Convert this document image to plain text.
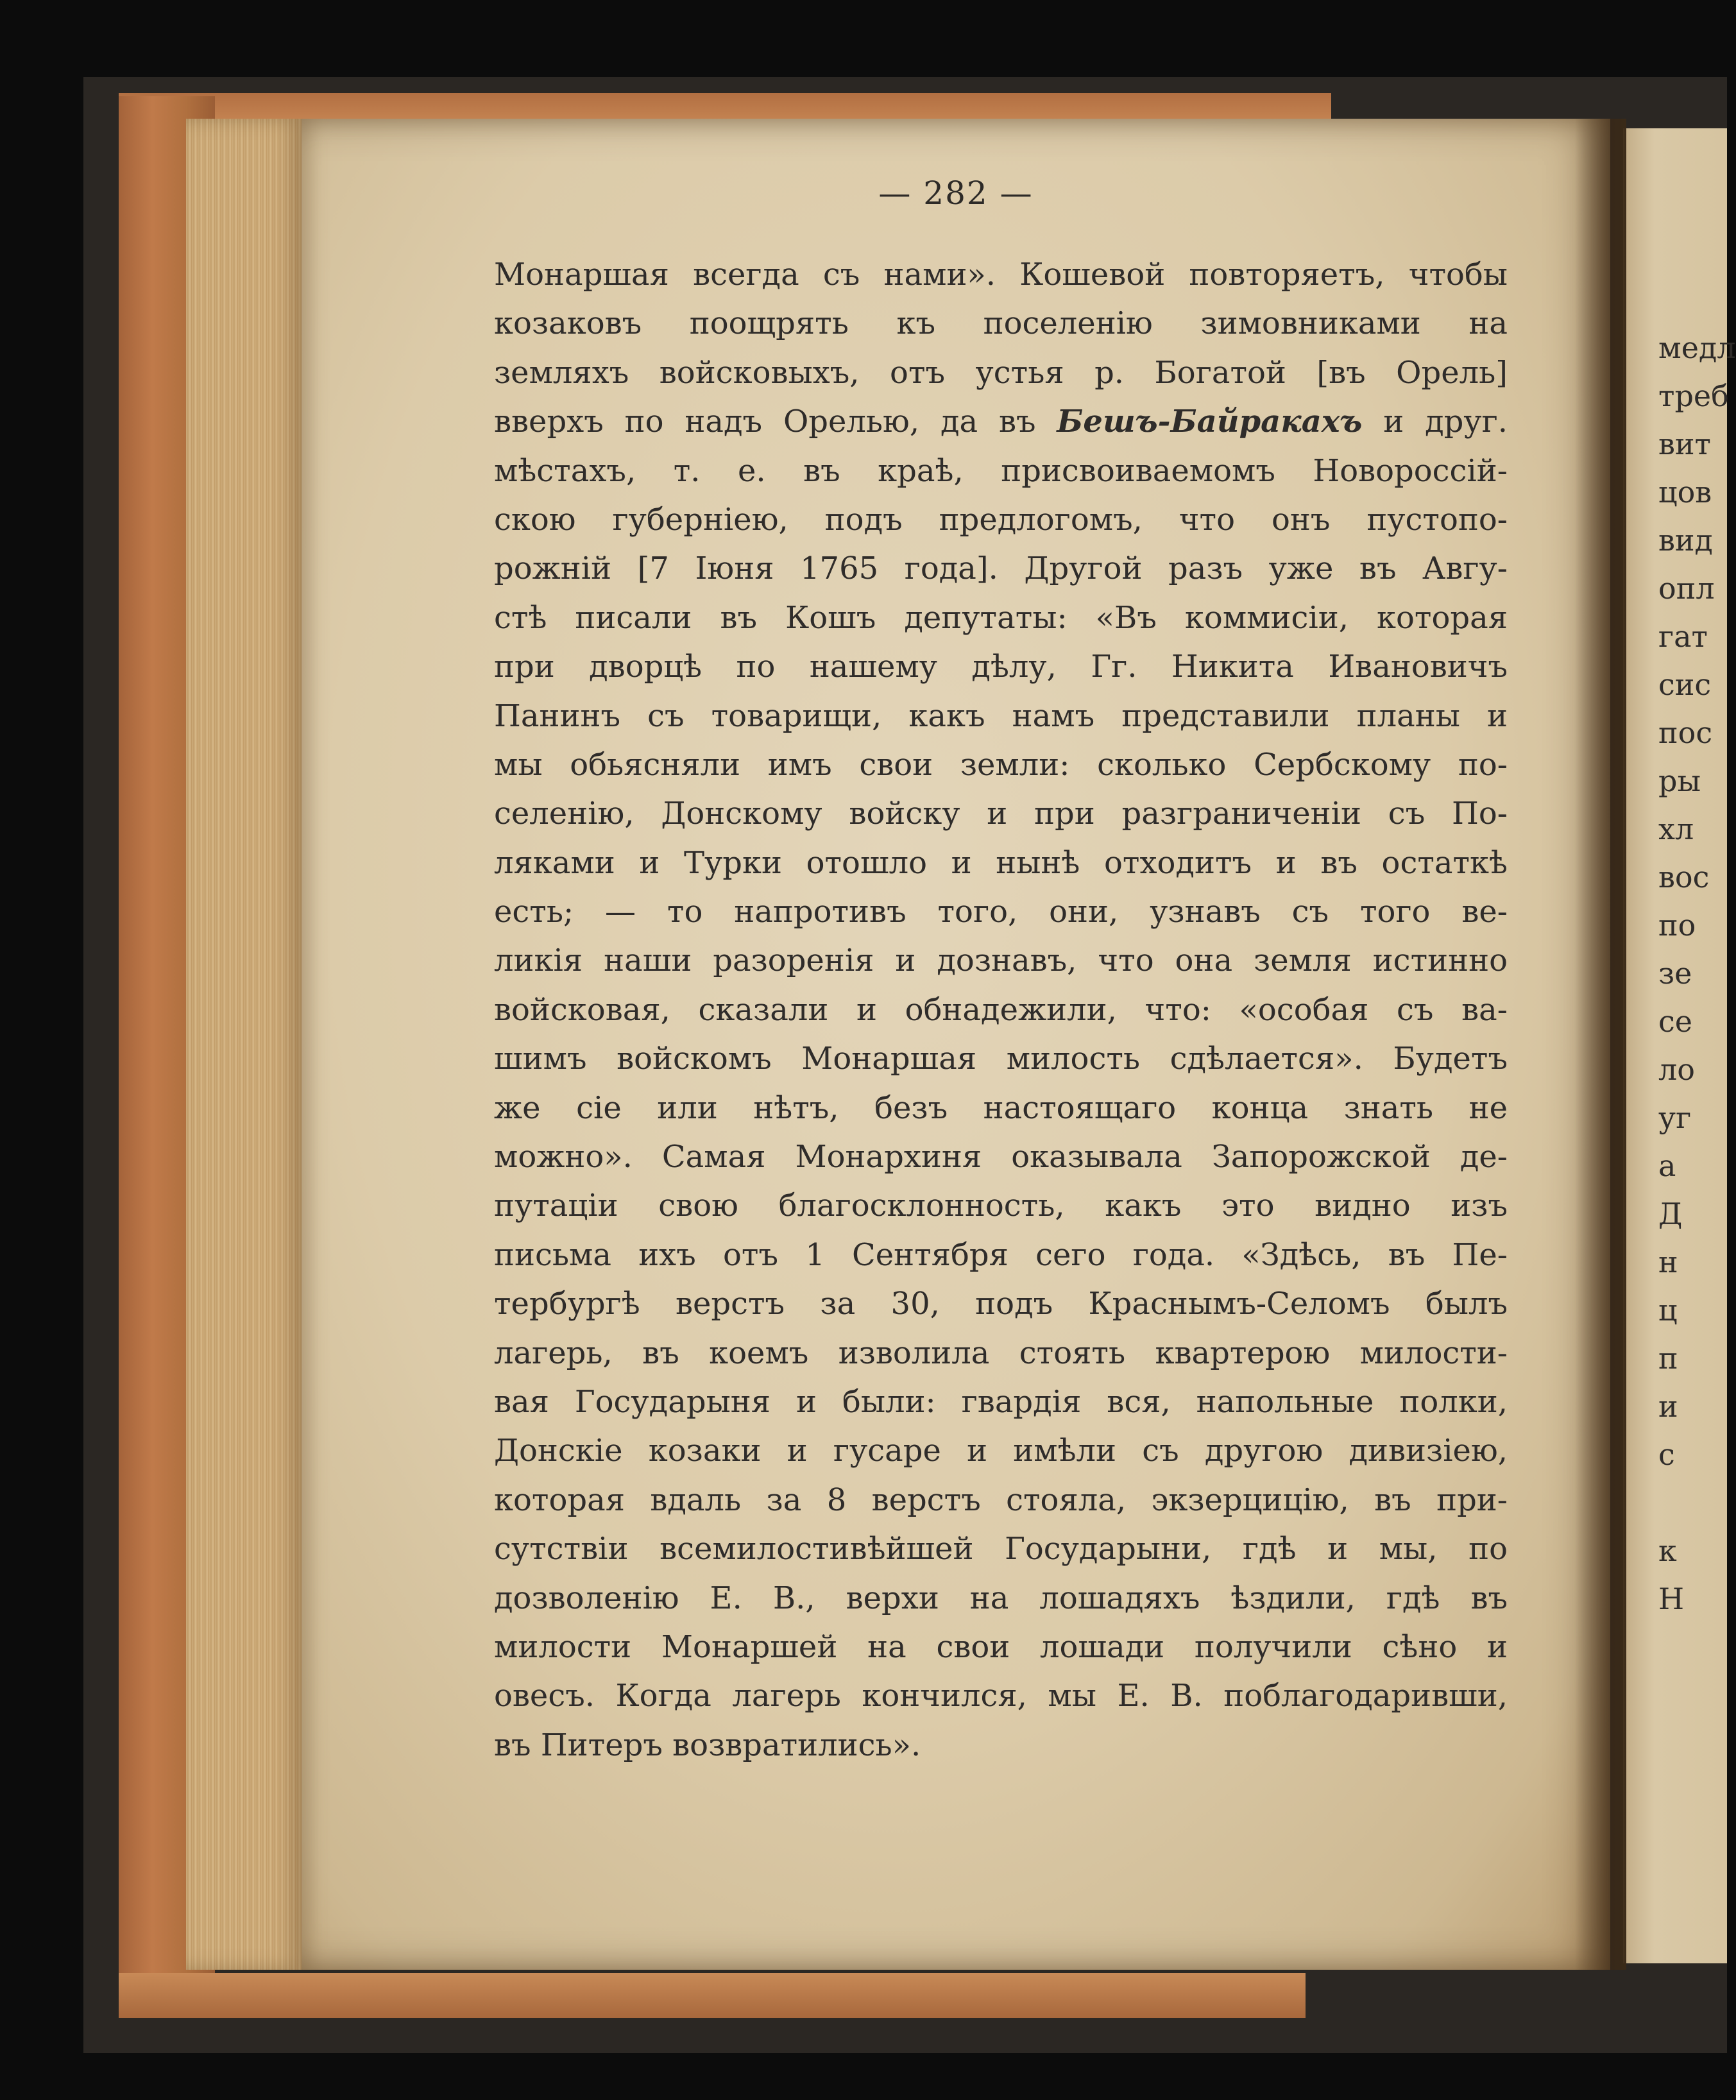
— 282 —
Монаршая всегда съ нами». Кошевой повторяетъ, чтобы
козаковъ поощрять къ поселенію зимовниками на
земляхъ войсковыхъ, отъ устья р. Богатой [въ Орель]
вверхъ по надъ Орелью, да въ Бешъ-Байракахъ и друг.
мѣстахъ, т. е. въ краѣ, присвоиваемомъ Новороссій-
скою губерніею, подъ предлогомъ, что онъ пустопо-
рожній [7 Іюня 1765 года]. Другой разъ уже въ Авгу-
стѣ писали въ Кошъ депутаты: «Въ коммисіи, которая
при дворцѣ по нашему дѣлу, Гг. Никита Ивановичъ
Панинъ съ товарищи, какъ намъ представили планы и
мы обьясняли имъ свои земли: сколько Сербскому по-
селенію, Донскому войску и при разграниченіи съ По-
ляками и Турки отошло и нынѣ отходитъ и въ остаткѣ
есть; — то напротивъ того, они, узнавъ съ того ве-
ликія наши разоренія и дознавъ, что она земля истинно
войсковая, сказали и обнадежили, что: «особая съ ва-
шимъ войскомъ Монаршая милость сдѣлается». Будетъ
же сіе или нѣтъ, безъ настоящаго конца знать не
можно». Самая Монархиня оказывала Запорожской де-
путаціи свою благосклонность, какъ это видно изъ
письма ихъ отъ 1 Сентября сего года. «Здѣсь, въ Пе-
тербургѣ верстъ за 30, подъ Краснымъ-Селомъ былъ
лагерь, въ коемъ изволила стоять квартерою милости-
вая Государыня и были: гвардія вся, напольные полки,
Донскіе козаки и гусаре и имѣли съ другою дивизіею,
которая вдаль за 8 верстъ стояла, экзерцицію, въ при-
сутствіи всемилостивѣйшей Государыни, гдѣ и мы, по
дозволенію Е. В., верхи на лошадяхъ ѣздили, гдѣ въ
милости Монаршей на свои лошади получили сѣно и
овесъ. Когда лагерь кончился, мы Е. В. поблагодаривши,
въ Питеръ возвратились».
медл
треб
вит
цов
вид
опл
гат
сис
пос
ры
хл
вос
по
зе
се
ло
уг
а
Д
н
ц
п
и
с
к
Н
